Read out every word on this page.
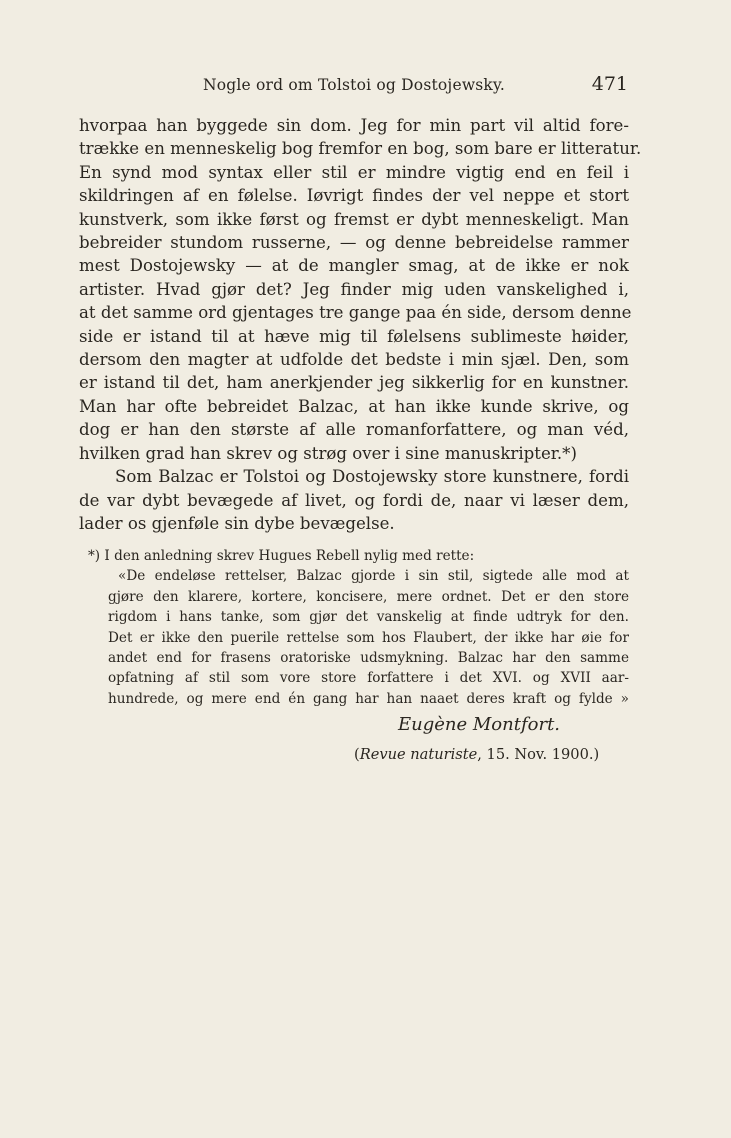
Nogle ord om Tolstoi og Dostojewsky.	471
hvorpaa han byggede sin dom. Jeg for min part vil altid fore-
trække en menneskelig bog fremfor en bog, som bare er litteratur.
En synd mod syntax eller stil er mindre vigtig end en feil i
skildringen af en følelse. Iøvrigt findes der vel neppe et stort
kunstverk, som ikke først og fremst er dybt menneskeligt. Man
bebreider stundom russerne, — og denne bebreidelse rammer
mest Dostojewsky — at de mangler smag, at de ikke er nok
artister. Hvad gjør det? Jeg finder mig uden vanskelighed i,
at det samme ord gjentages tre gange paa én side, dersom denne
side er istand til at hæve mig til følelsens sublimeste høider,
dersom den magter at udfolde det bedste i min sjæl. Den, som
er istand til det, ham anerkjender jeg sikkerlig for en kunstner.
Man har ofte bebreidet Balzac, at han ikke kunde skrive, og
dog er han den største af alle romanforfattere, og man véd,
hvilken grad han skrev og strøg over i sine manuskripter.*)
Som Balzac er Tolstoi og Dostojewsky store kunstnere, fordi
de var dybt bevægede af livet, og fordi de, naar vi læser dem,
lader os gjenføle sin dybe bevægelse.
*) I den anledning skrev Hugues Rebell nylig med rette:
«De endeløse rettelser, Balzac gjorde i sin stil, sigtede alle mod at
gjøre den klarere, kortere, koncisere, mere ordnet. Det er den store
rigdom i hans tanke, som gjør det vanskelig at finde udtryk for den.
Det er ikke den puerile rettelse som hos Flaubert, der ikke har øie for
andet end for frasens oratoriske udsmykning. Balzac har den samme
opfatning af stil som vore store forfattere i det XVI. og XVII aar-
hundrede, og mere end én gang har han naaet deres kraft og fylde »
Eugène Montfort.
(Revue naturiste, 15. Nov. 1900.)
